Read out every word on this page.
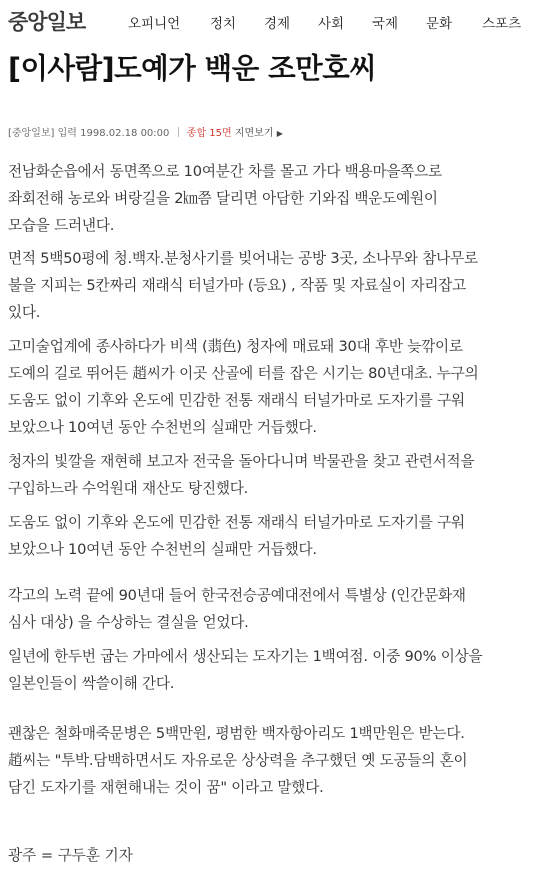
중앙일보	오피니언 정치 경제 사회 국제 문화 스포츠
[이사람]도예가 백운 조만호씨
[중앙일보] 입력 1998.02.18 00:00 종합 15면 지면보기 ▶
전남화순읍에서 동면쪽으로 10여분간 차를 몰고 가다 백용마을쪽으로
좌회전해 농로와 벼랑길을 2㎞쯤 달리면 아담한 기와집 백운도예원이
모습을 드러낸다.
면적 5백50평에 청.백자.분청사기를 빚어내는 공방 3곳, 소나무와 참나무로
불을 지피는 5칸짜리 재래식 터널가마 (등요) , 작품 및 자료실이 자리잡고
있다.
고미술업계에 종사하다가 비색 (翡色) 청자에 매료돼 30대 후반 늦깎이로
도예의 길로 뛰어든 趙씨가 이곳 산골에 터를 잡은 시기는 80년대초. 누구의
도움도 없이 기후와 온도에 민감한 전통 재래식 터널가마로 도자기를 구워
보았으나 10여년 동안 수천번의 실패만 거듭했다.
청자의 빛깔을 재현해 보고자 전국을 돌아다니며 박물관을 찾고 관련서적을
구입하느라 수억원대 재산도 탕진했다.
도움도 없이 기후와 온도에 민감한 전통 재래식 터널가마로 도자기를 구워
보았으나 10여년 동안 수천번의 실패만 거듭했다.
각고의 노력 끝에 90년대 들어 한국전승공예대전에서 특별상 (인간문화재
심사 대상) 을 수상하는 결실을 얻었다.
일년에 한두번 굽는 가마에서 생산되는 도자기는 1백여점. 이중 90% 이상을
일본인들이 싹쓸이해 간다.
괜찮은 철화매죽문병은 5백만원, 평범한 백자항아리도 1백만원은 받는다.
趙씨는 "투박.담백하면서도 자유로운 상상력을 추구했던 옛 도공들의 혼이
담긴 도자기를 재현해내는 것이 꿈" 이라고 말했다.
광주 = 구두훈 기자
